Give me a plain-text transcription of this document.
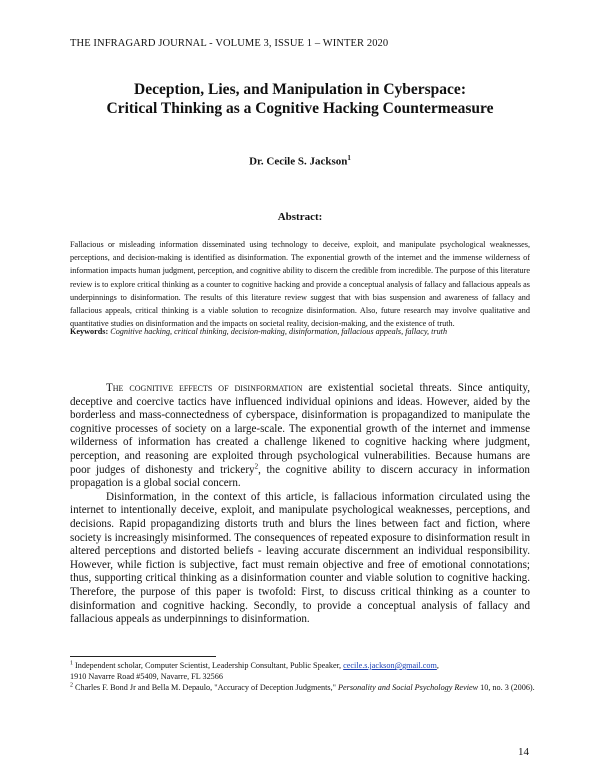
THE INFRAGARD JOURNAL - VOLUME 3, ISSUE 1 – WINTER 2020
Deception, Lies, and Manipulation in Cyberspace:
Critical Thinking as a Cognitive Hacking Countermeasure
Dr. Cecile S. Jackson$^1$
Abstract:
Fallacious or misleading information disseminated using technology to deceive, exploit, and manipulate psychological weaknesses, perceptions, and decision-making is identified as disinformation. The exponential growth of the internet and the immense wilderness of information impacts human judgment, perception, and cognitive ability to discern the credible from incredible. The purpose of this literature review is to explore critical thinking as a counter to cognitive hacking and provide a conceptual analysis of fallacy and fallacious appeals as underpinnings to disinformation. The results of this literature review suggest that with bias suspension and awareness of fallacy and fallacious appeals, critical thinking is a viable solution to recognize disinformation. Also, future research may involve qualitative and quantitative studies on disinformation and the impacts on societal reality, decision-making, and the existence of truth.
Keywords: Cognitive hacking, critical thinking, decision-making, disinformation, fallacious appeals, fallacy, truth

The cognitive effects of disinformation are existential societal threats. Since antiquity, deceptive and coercive tactics have influenced individual opinions and ideas. However, aided by the borderless and mass-connectedness of cyberspace, disinformation is propagandized to manipulate the cognitive processes of society on a large-scale. The exponential growth of the internet and immense wilderness of information has created a challenge likened to cognitive hacking where judgment, perception, and reasoning are exploited through psychological vulnerabilities. Because humans are poor judges of dishonesty and trickery$^2$, the cognitive ability to discern accuracy in information propagation is a global social concern.

Disinformation, in the context of this article, is fallacious information circulated using the internet to intentionally deceive, exploit, and manipulate psychological weaknesses, perceptions, and decisions. Rapid propagandizing distorts truth and blurs the lines between fact and fiction, where society is increasingly misinformed. The consequences of repeated exposure to disinformation result in altered perceptions and distorted beliefs - leaving accurate discernment an individual responsibility. However, while fiction is subjective, fact must remain objective and free of emotional connotations; thus, supporting critical thinking as a disinformation counter and viable solution to cognitive hacking. Therefore, the purpose of this paper is twofold: First, to discuss critical thinking as a counter to disinformation and cognitive hacking. Secondly, to provide a conceptual analysis of fallacy and fallacious appeals as underpinnings to disinformation.

$^1$ Independent scholar, Computer Scientist, Leadership Consultant, Public Speaker, cecile.s.jackson@gmail.com,

1910 Navarre Road #5409, Navarre, FL 32566

$^2$ Charles F. Bond Jr and Bella M. Depaulo, "Accuracy of Deception Judgments," Personality and Social Psychology Review 10, no. 3 (2006).

14
